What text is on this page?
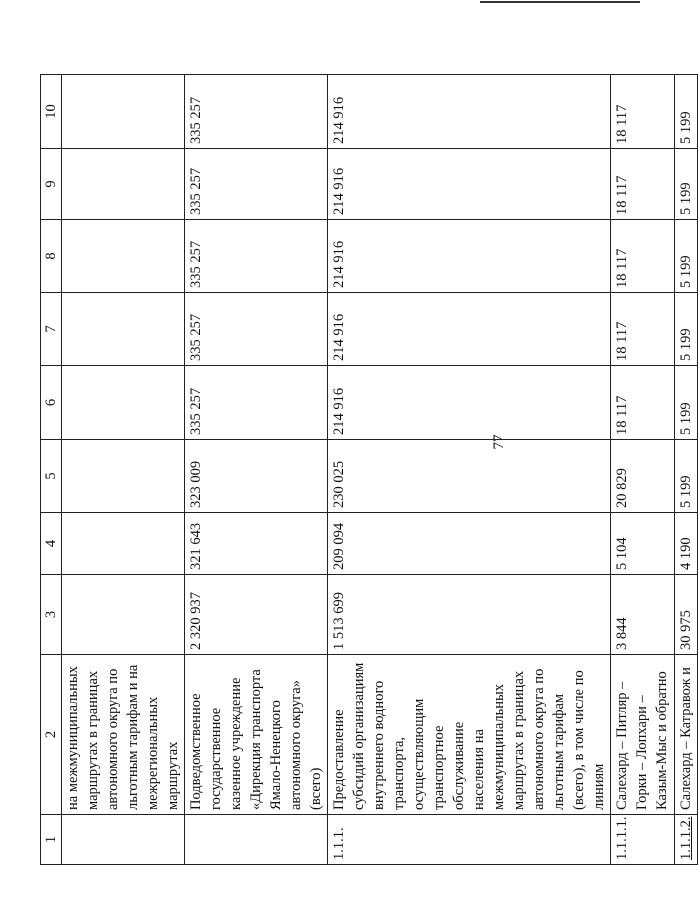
77
1	2	3	4	5	6	7	8	9	10
	на межмуниципальных маршрутах в границах автономного округа по льготным тарифам и на межрегиональных маршрутах								
	Подведомственное государственное казенное учреждение «Дирекция транспорта Ямало-Ненецкого автономного округа» (всего)	2 320 937	321 643	323 009	335 257	335 257	335 257	335 257	335 257
1.1.1.	Предоставление субсидий организациям внутреннего водного транспорта, осуществляющим транспортное обслуживание населения на межмуниципальных маршрутах в границах автономного округа по льготным тарифам (всего), в том числе по линиям	1 513 699	209 094	230 025	214 916	214 916	214 916	214 916	214 916
1.1.1.1.	Салехард – Питляр – Горки – Лопхари – Казым-Мыс и обратно	3 844	5 104	20 829	18 117	18 117	18 117	18 117	18 117
1.1.1.2.	Салехард – Катравож и	30 975	4 190	5 199	5 199	5 199	5 199	5 199	5 199
